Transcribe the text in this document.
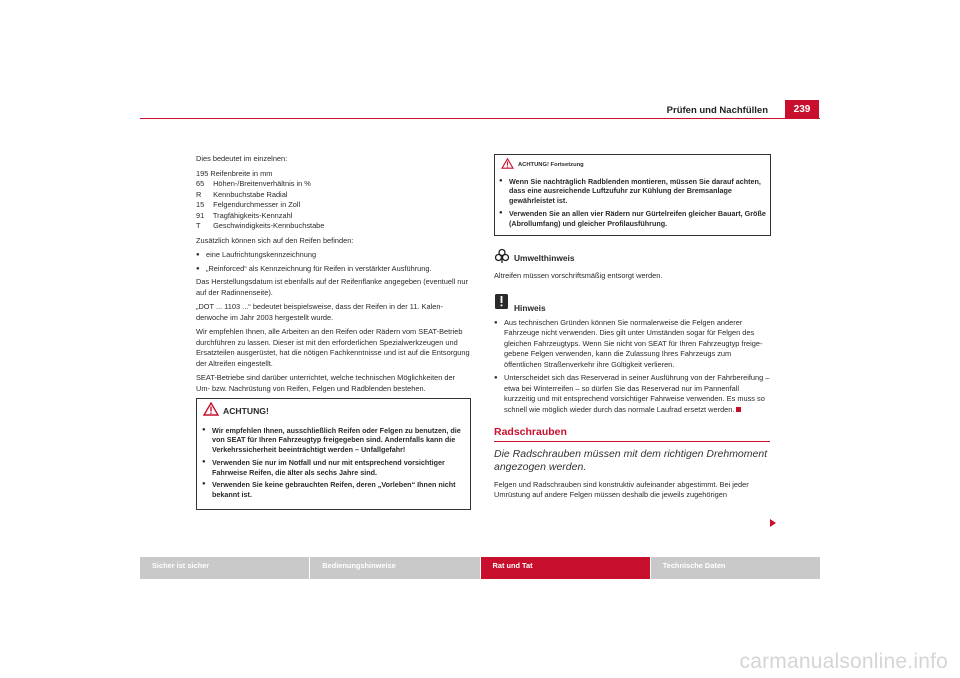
Prüfen und Nachfüllen	239

Dies bedeutet im einzelnen:

195 Reifenbreite in mm

65 Höhen-/Breitenverhältnis in %

R Kennbuchstabe Radial

15 Felgendurchmesser in Zoll

91 Tragfähigkeits-Kennzahl

T Geschwindigkeits-Kennbuchstabe

Zusätzlich können sich auf den Reifen befinden:

● eine Laufrichtungskennzeichnung
● „Reinforced“ als Kennzeichnung für Reifen in verstärkter Ausführung.

Das Herstellungsdatum ist ebenfalls auf der Reifenflanke angegeben (eventuell nur auf der Radinnenseite).

„DOT ... 1103 ...“ bedeutet beispielsweise, dass der Reifen in der 11. Kalenderwoche im Jahr 2003 hergestellt wurde.

Wir empfehlen Ihnen, alle Arbeiten an den Reifen oder Rädern vom SEAT-Betrieb durchführen zu lassen. Dieser ist mit den erforderlichen Spezialwerkzeugen und Ersatzteilen ausgerüstet, hat die nötigen Fachkenntnisse und ist auf die Entsorgung der Altreifen eingestellt.

SEAT-Betriebe sind darüber unterrichtet, welche technischen Möglichkeiten der Um- bzw. Nachrüstung von Reifen, Felgen und Radblenden bestehen.

ACHTUNG!
● Wir empfehlen Ihnen, ausschließlich Reifen oder Felgen zu benutzen, die von SEAT für Ihren Fahrzeugtyp freigegeben sind. Andernfalls kann die Verkehrssicherheit beeinträchtigt werden – Unfallgefahr!
● Verwenden Sie nur im Notfall und nur mit entsprechend vorsichtiger Fahrweise Reifen, die älter als sechs Jahre sind.
● Verwenden Sie keine gebrauchten Reifen, deren „Vorleben“ Ihnen nicht bekannt ist.
ACHTUNG! Fortsetzung
● Wenn Sie nachträglich Radblenden montieren, müssen Sie darauf achten, dass eine ausreichende Luftzufuhr zur Kühlung der Bremsanlage gewährleistet ist.
● Verwenden Sie an allen vier Rädern nur Gürtelreifen gleicher Bauart, Größe (Abrollumfang) und gleicher Profilausführung.
Umwelthinweis

Altreifen müssen vorschriftsmäßig entsorgt werden.

Hinweis
● Aus technischen Gründen können Sie normalerweise die Felgen anderer Fahrzeuge nicht verwenden. Dies gilt unter Umständen sogar für Felgen des gleichen Fahrzeugtyps. Wenn Sie nicht von SEAT für Ihren Fahrzeugtyp freigegebene Felgen verwenden, kann die Zulassung Ihres Fahrzeugs zum öffentlichen Straßenverkehr ihre Gültigkeit verlieren.
● Unterscheidet sich das Reserverad in seiner Ausführung von der Fahrbereifung – etwa bei Winterreifen – so dürfen Sie das Reserverad nur im Pannenfall kurzzeitig und mit entsprechend vorsichtiger Fahrweise verwenden. Es muss so schnell wie möglich wieder durch das normale Laufrad ersetzt werden.
Radschrauben

Die Radschrauben müssen mit dem richtigen Drehmoment angezogen werden.

Felgen und Radschrauben sind konstruktiv aufeinander abgestimmt. Bei jeder Umrüstung auf andere Felgen müssen deshalb die jeweils zugehörigen

Sicher ist sicher	Bedienungshinweise	Rat und Tat	Technische Daten
carmanualsonline.info
